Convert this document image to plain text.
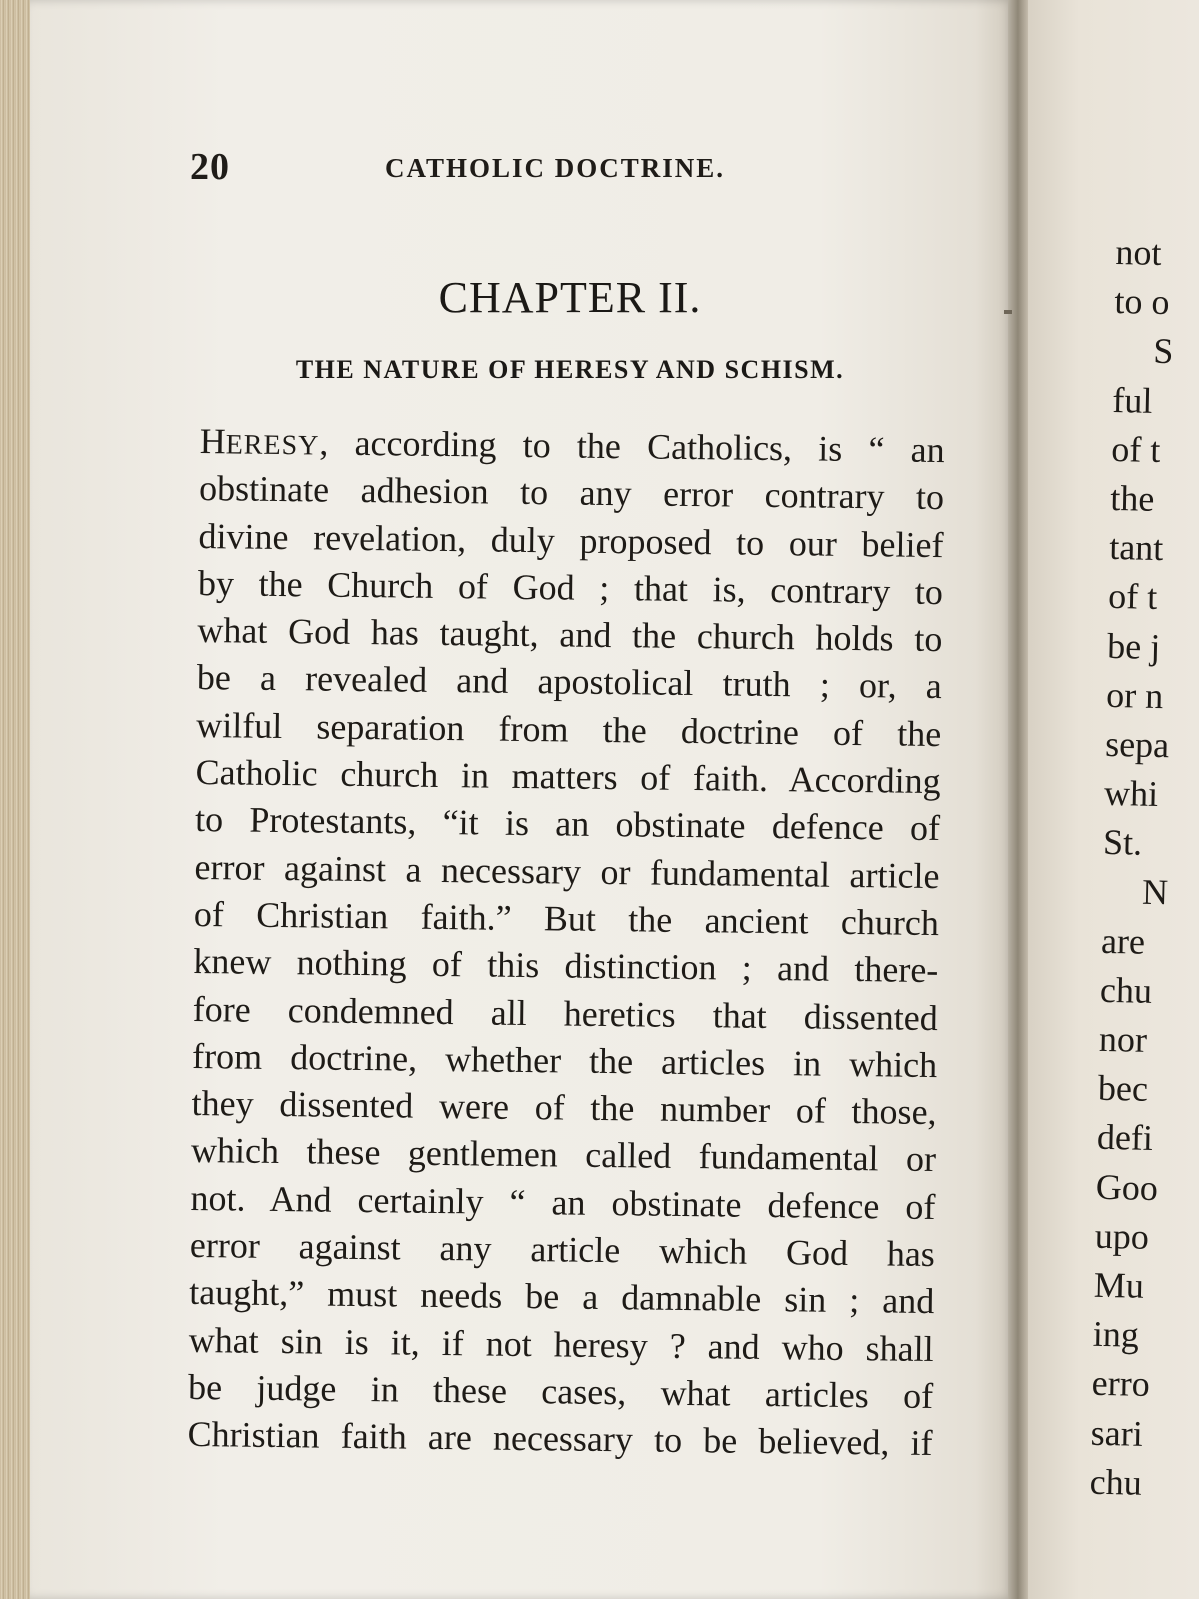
20	CATHOLIC DOCTRINE.
CHAPTER II.
THE NATURE OF HERESY AND SCHISM.
HERESY, according to the Catholics, is “ an
obstinate adhesion to any error contrary to
divine revelation, duly proposed to our belief
by the Church of God ; that is, contrary to
what God has taught, and the church holds to
be a revealed and apostolical truth ; or, a
wilful separation from the doctrine of the
Catholic church in matters of faith. According
to Protestants, “it is an obstinate defence of
error against a necessary or fundamental article
of Christian faith.” But the ancient church
knew nothing of this distinction ; and there-
fore condemned all heretics that dissented
from doctrine, whether the articles in which
they dissented were of the number of those,
which these gentlemen called fundamental or
not. And certainly “ an obstinate defence of
error against any article which God has
taught,” must needs be a damnable sin ; and
what sin is it, if not heresy ? and who shall
be judge in these cases, what articles of
Christian faith are necessary to be believed, if
not
to o
S
ful
of t
the
tant
of t
be j
or n
sepa
whi
St.
N
are
chu
nor
bec
defi
Goo
upo
Mu
ing
erro
sari
chu
